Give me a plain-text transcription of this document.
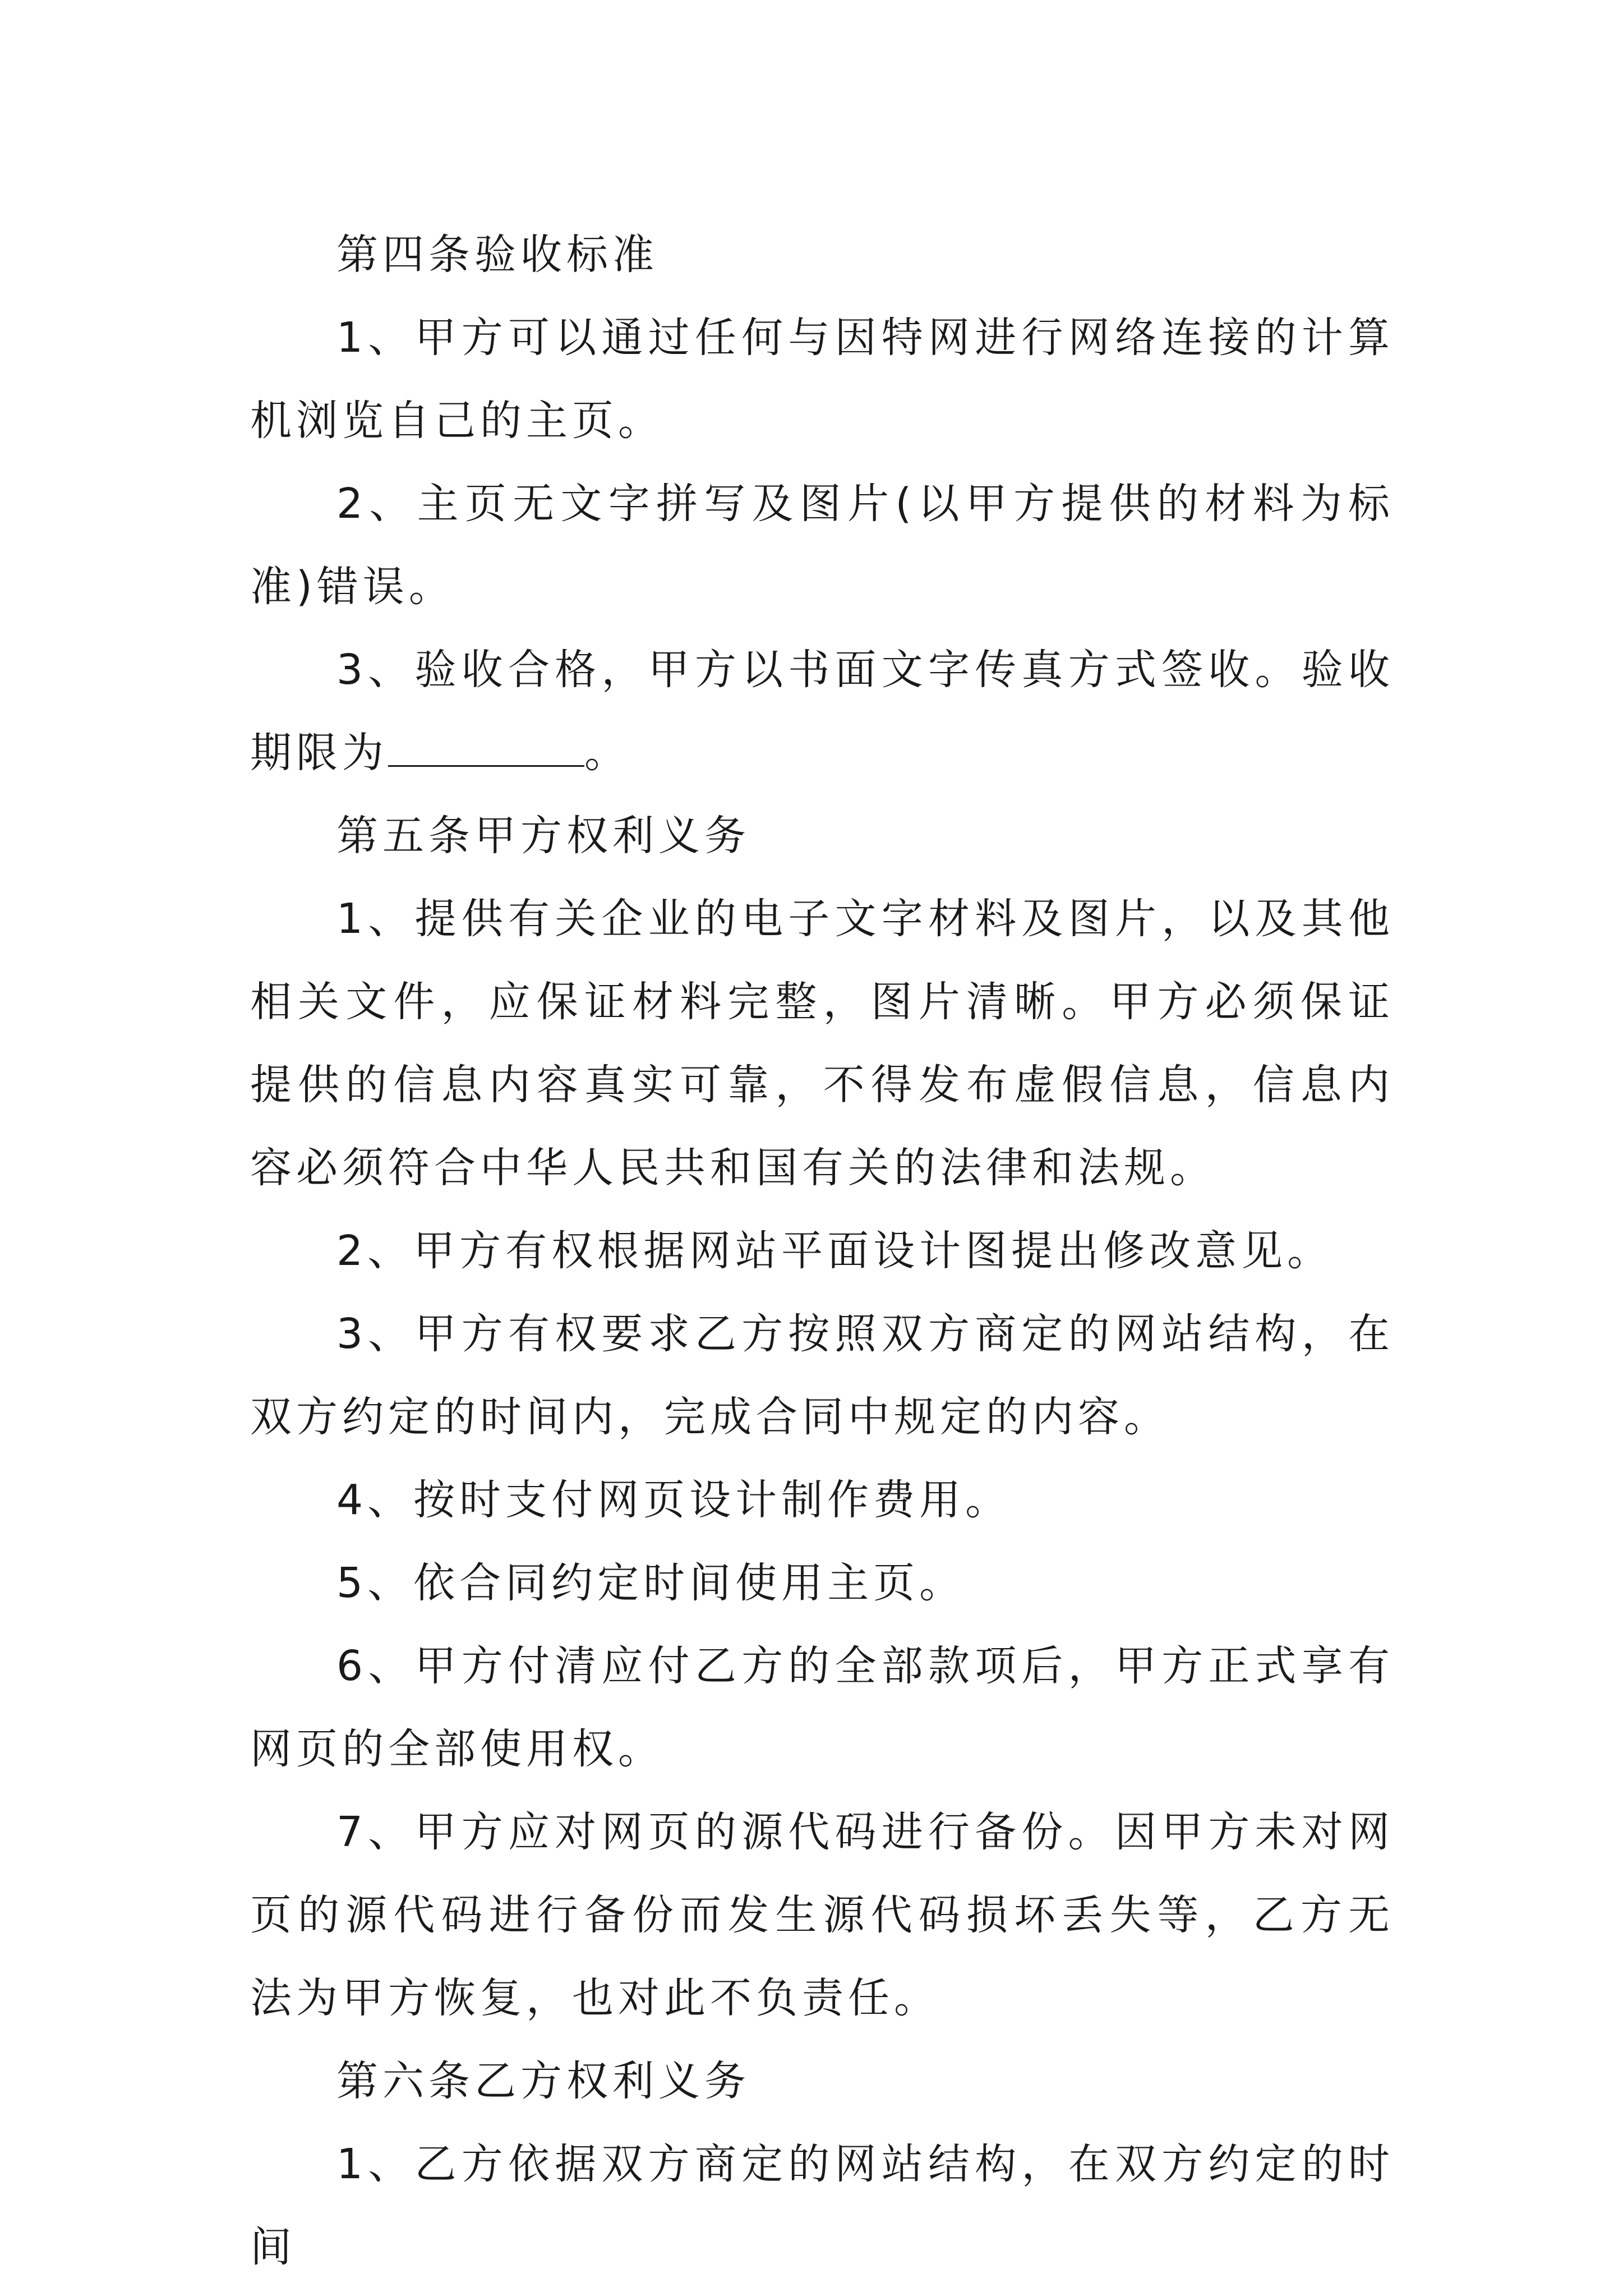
第四条验收标准

1、甲方可以通过任何与因特网进行网络连接的计算机浏览自己的主页。

2、主页无文字拼写及图片(以甲方提供的材料为标准)错误。

3、验收合格，甲方以书面文字传真方式签收。验收期限为	。

第五条甲方权利义务

1、提供有关企业的电子文字材料及图片，以及其他相关文件，应保证材料完整，图片清晰。甲方必须保证提供的信息内容真实可靠，不得发布虚假信息，信息内容必须符合中华人民共和国有关的法律和法规。

2、甲方有权根据网站平面设计图提出修改意见。

3、甲方有权要求乙方按照双方商定的网站结构，在双方约定的时间内，完成合同中规定的内容。

4、按时支付网页设计制作费用。

5、依合同约定时间使用主页。

6、甲方付清应付乙方的全部款项后，甲方正式享有网页的全部使用权。

7、甲方应对网页的源代码进行备份。因甲方未对网页的源代码进行备份而发生源代码损坏丢失等，乙方无法为甲方恢复，也对此不负责任。

第六条乙方权利义务

1、乙方依据双方商定的网站结构，在双方约定的时间
